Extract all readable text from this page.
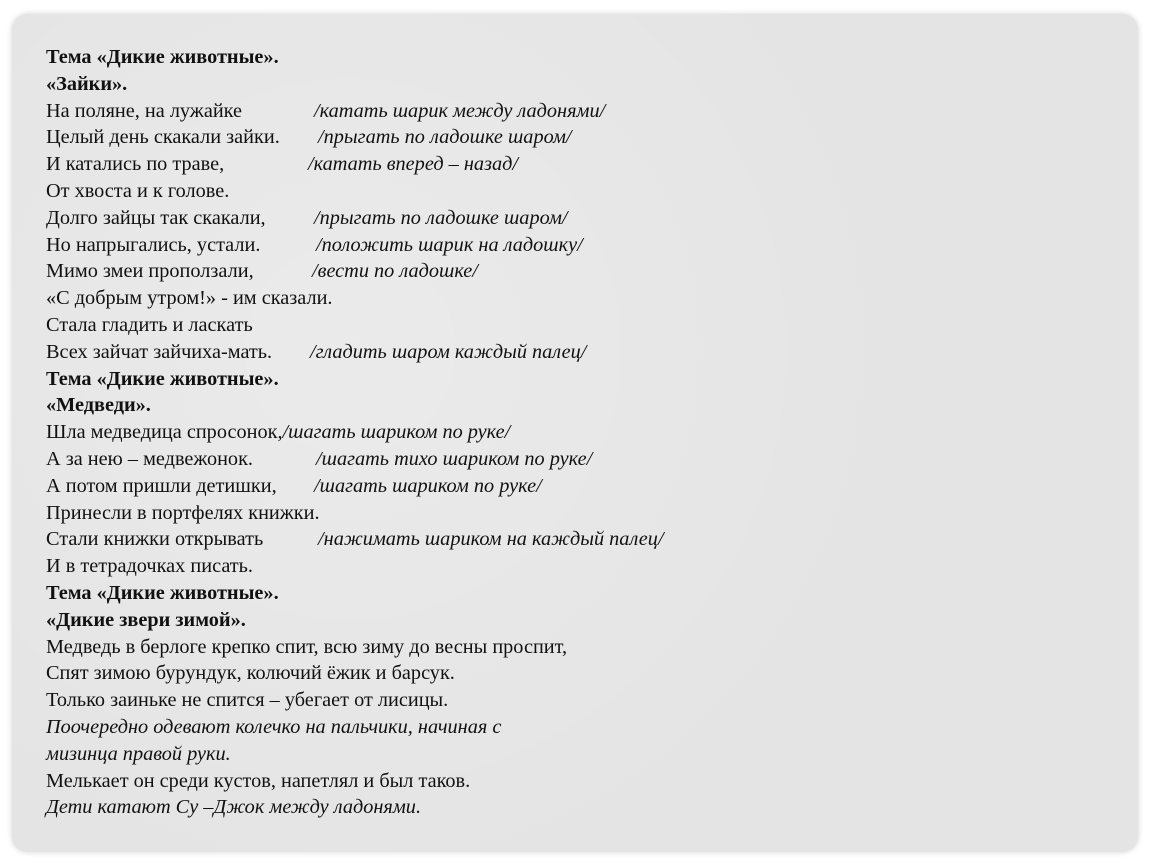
Тема «Дикие животные».
«Зайки».
На поляне, на лужайке	/катать шарик между ладонями/
Целый день скакали зайки. /прыгать по ладошке шаром/
И катались по траве,	/катать вперед – назад/
От хвоста и к голове.
Долго зайцы так скакали, /прыгать по ладошке шаром/
Но напрыгались, устали.	/положить шарик на ладошку/
Мимо змеи проползали,	/вести по ладошке/
«С добрым утром!» - им сказали.
Стала гладить и ласкать
Всех зайчат зайчиха-мать. /гладить шаром каждый палец/
Тема «Дикие животные».
«Медведи».
Шла медведица спросонок,/шагать шариком по руке/
А за нею – медвежонок.	/шагать тихо шариком по руке/
А потом пришли детишки, /шагать шариком по руке/
Принесли в портфелях книжки.
Стали книжки открывать	/нажимать шариком на каждый палец/
И в тетрадочках писать.
Тема «Дикие животные».
«Дикие звери зимой».
Медведь в берлоге крепко спит, всю зиму до весны проспит,
Спят зимою бурундук, колючий ёжик и барсук.
Только заиньке не спится – убегает от лисицы.
Поочередно одевают колечко на пальчики, начиная с
мизинца правой руки.
Мелькает он среди кустов, напетлял и был таков.
Дети катают Су –Джок между ладонями.
